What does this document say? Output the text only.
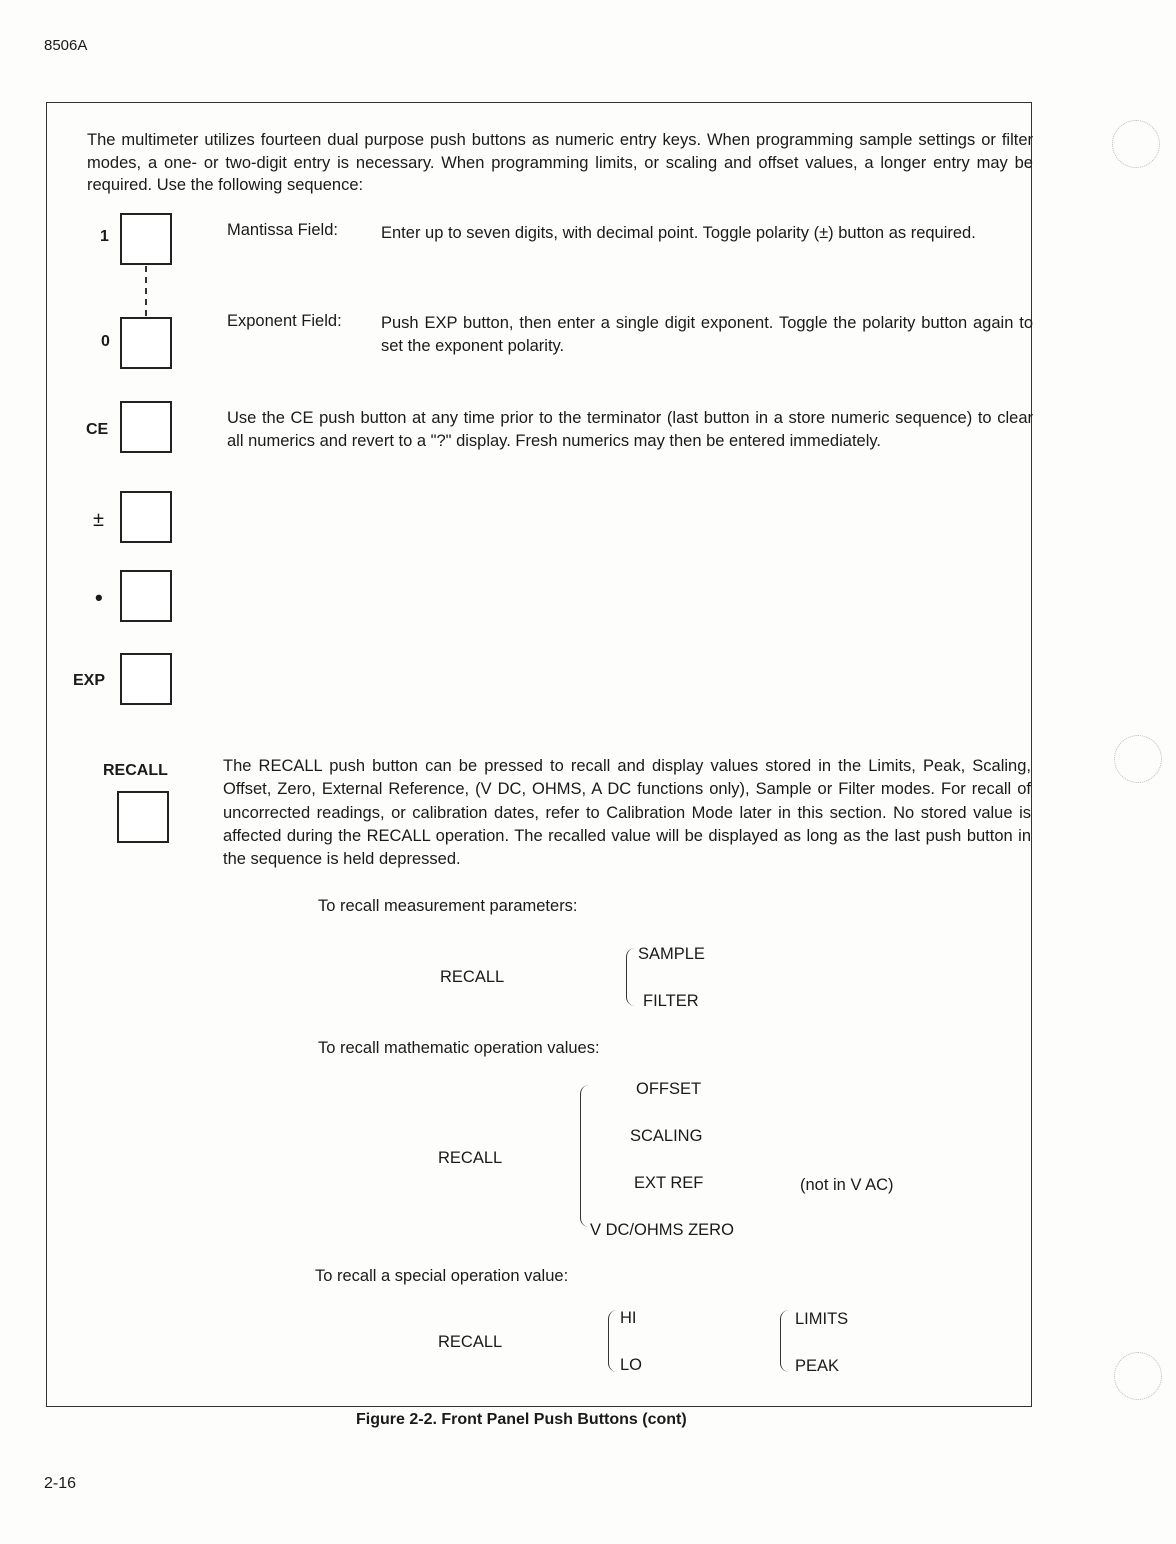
8506A
The multimeter utilizes fourteen dual purpose push buttons as numeric entry keys. When programming sample settings or filter modes, a one- or two-digit entry is necessary. When programming limits, or scaling and offset values, a longer entry may be required. Use the following sequence:
1
0
CE
±
•
EXP
RECALL
Mantissa Field:	Enter up to seven digits, with decimal point. Toggle polarity (±) button as required.
Exponent Field: Push EXP button, then enter a single digit exponent. Toggle the polarity button again to set the exponent polarity.
Use the CE push button at any time prior to the terminator (last button in a store numeric sequence) to clear all numerics and revert to a "?" display. Fresh numerics may then be entered immediately.
The RECALL push button can be pressed to recall and display values stored in the Limits, Peak, Scaling, Offset, Zero, External Reference, (V DC, OHMS, A DC functions only), Sample or Filter modes. For recall of uncorrected readings, or calibration dates, refer to Calibration Mode later in this section. No stored value is affected during the RECALL operation. The recalled value will be displayed as long as the last push button in the sequence is held depressed.
To recall measurement parameters:
RECALL
SAMPLE
FILTER
To recall mathematic operation values:
RECALL
OFFSET
SCALING
EXT REF	(not in V AC)
V DC/OHMS ZERO
To recall a special operation value:
RECALL
HI
LO
LIMITS
PEAK
Figure 2-2. Front Panel Push Buttons (cont)
2-16
